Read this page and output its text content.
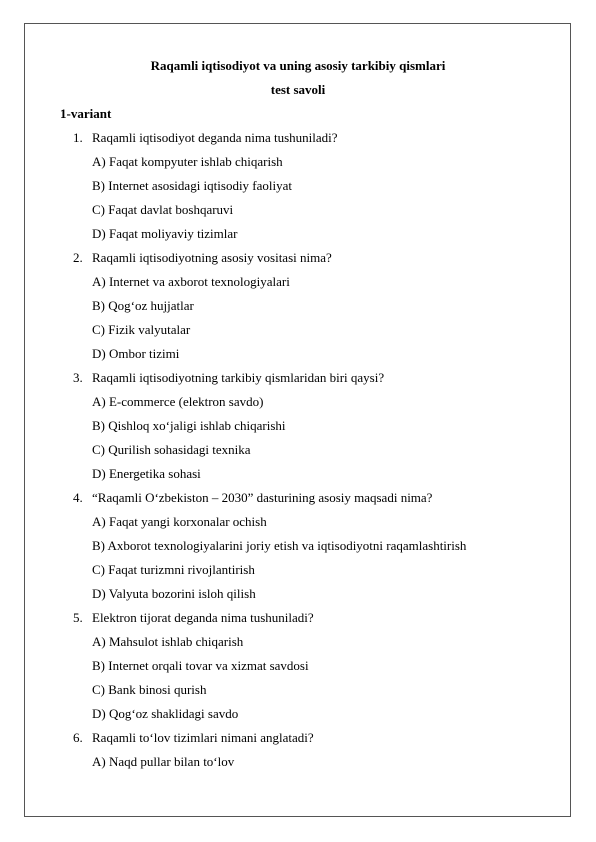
Raqamli iqtisodiyot va uning asosiy tarkibiy qismlari
test savoli
1-variant
1. Raqamli iqtisodiyot deganda nima tushuniladi?
A) Faqat kompyuter ishlab chiqarish
B) Internet asosidagi iqtisodiy faoliyat
C) Faqat davlat boshqaruvi
D) Faqat moliyaviy tizimlar
2. Raqamli iqtisodiyotning asosiy vositasi nima?
A) Internet va axborot texnologiyalari
B) Qog‘oz hujjatlar
C) Fizik valyutalar
D) Ombor tizimi
3. Raqamli iqtisodiyotning tarkibiy qismlaridan biri qaysi?
A) E-commerce (elektron savdo)
B) Qishloq xo‘jaligi ishlab chiqarishi
C) Qurilish sohasidagi texnika
D) Energetika sohasi
4. “Raqamli O‘zbekiston – 2030” dasturining asosiy maqsadi nima?
A) Faqat yangi korxonalar ochish
B) Axborot texnologiyalarini joriy etish va iqtisodiyotni raqamlashtirish
C) Faqat turizmni rivojlantirish
D) Valyuta bozorini isloh qilish
5. Elektron tijorat deganda nima tushuniladi?
A) Mahsulot ishlab chiqarish
B) Internet orqali tovar va xizmat savdosi
C) Bank binosi qurish
D) Qog‘oz shaklidagi savdo
6. Raqamli to‘lov tizimlari nimani anglatadi?
A) Naqd pullar bilan to‘lov
